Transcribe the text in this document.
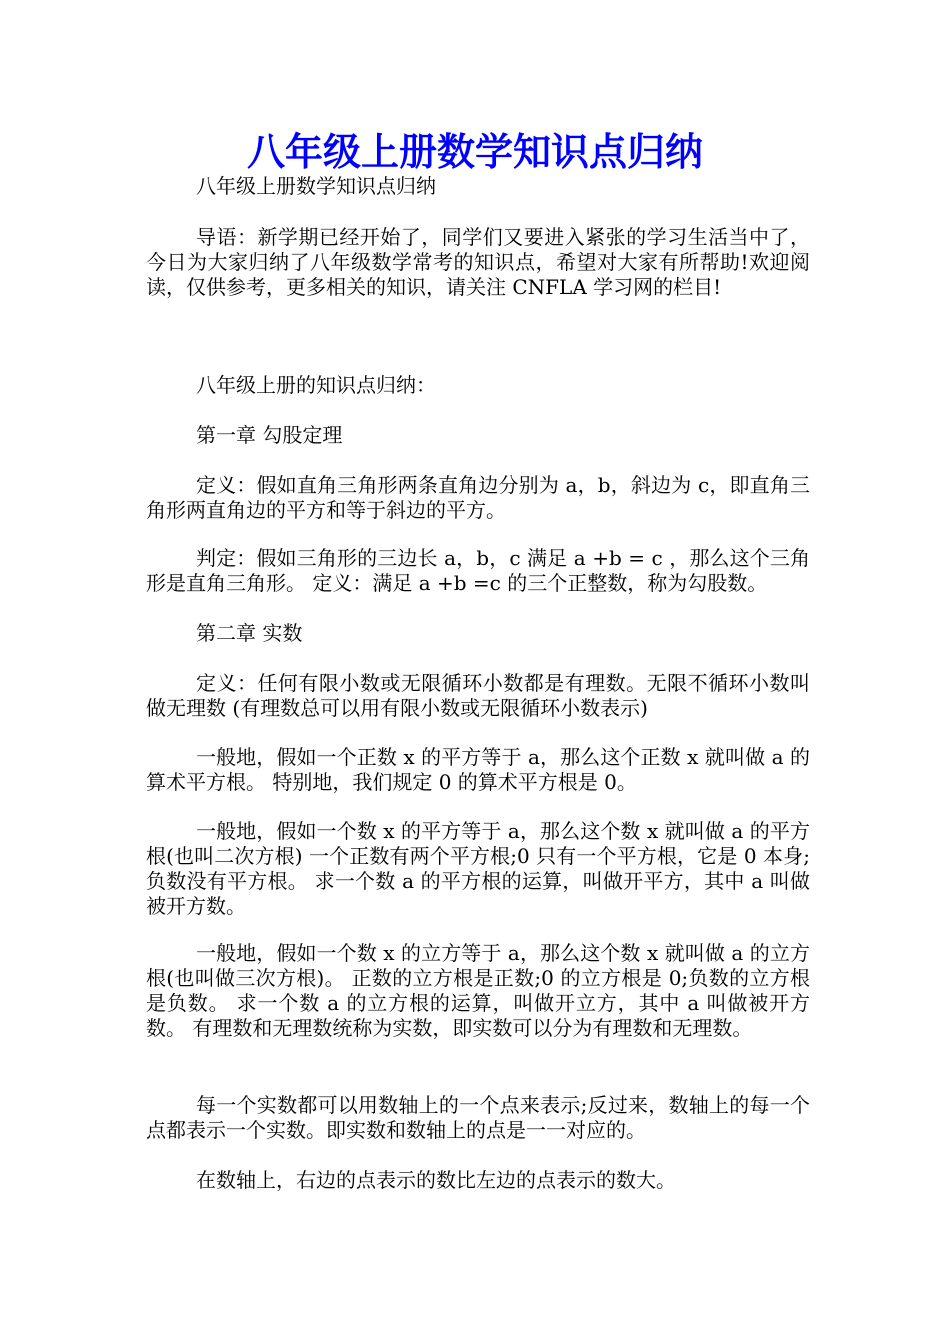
八年级上册数学知识点归纳

八年级上册数学知识点归纳

导语：新学期已经开始了，同学们又要进入紧张的学习生活当中了，今日为大家归纳了八年级数学常考的知识点，希望对大家有所帮助!欢迎阅读，仅供参考，更多相关的知识，请关注 CNFLA 学习网的栏目!

八年级上册的知识点归纳：

第一章 勾股定理

定义：假如直角三角形两条直角边分别为 a，b，斜边为 c，即直角三角形两直角边的平方和等于斜边的平方。

判定：假如三角形的三边长 a，b，c 满足 a +b = c ，那么这个三角形是直角三角形。 定义：满足 a +b =c 的三个正整数，称为勾股数。

第二章 实数

定义：任何有限小数或无限循环小数都是有理数。无限不循环小数叫做无理数 (有理数总可以用有限小数或无限循环小数表示)

一般地，假如一个正数 x 的平方等于 a，那么这个正数 x 就叫做 a 的算术平方根。 特别地，我们规定 0 的算术平方根是 0。

一般地，假如一个数 x 的平方等于 a，那么这个数 x 就叫做 a 的平方根(也叫二次方根) 一个正数有两个平方根;0 只有一个平方根，它是 0 本身;负数没有平方根。 求一个数 a 的平方根的运算，叫做开平方，其中 a 叫做被开方数。

一般地，假如一个数 x 的立方等于 a，那么这个数 x 就叫做 a 的立方根(也叫做三次方根)。 正数的立方根是正数;0 的立方根是 0;负数的立方根是负数。 求一个数 a 的立方根的运算，叫做开立方，其中 a 叫做被开方数。 有理数和无理数统称为实数，即实数可以分为有理数和无理数。

每一个实数都可以用数轴上的一个点来表示;反过来，数轴上的每一个点都表示一个实数。即实数和数轴上的点是一一对应的。

在数轴上，右边的点表示的数比左边的点表示的数大。
